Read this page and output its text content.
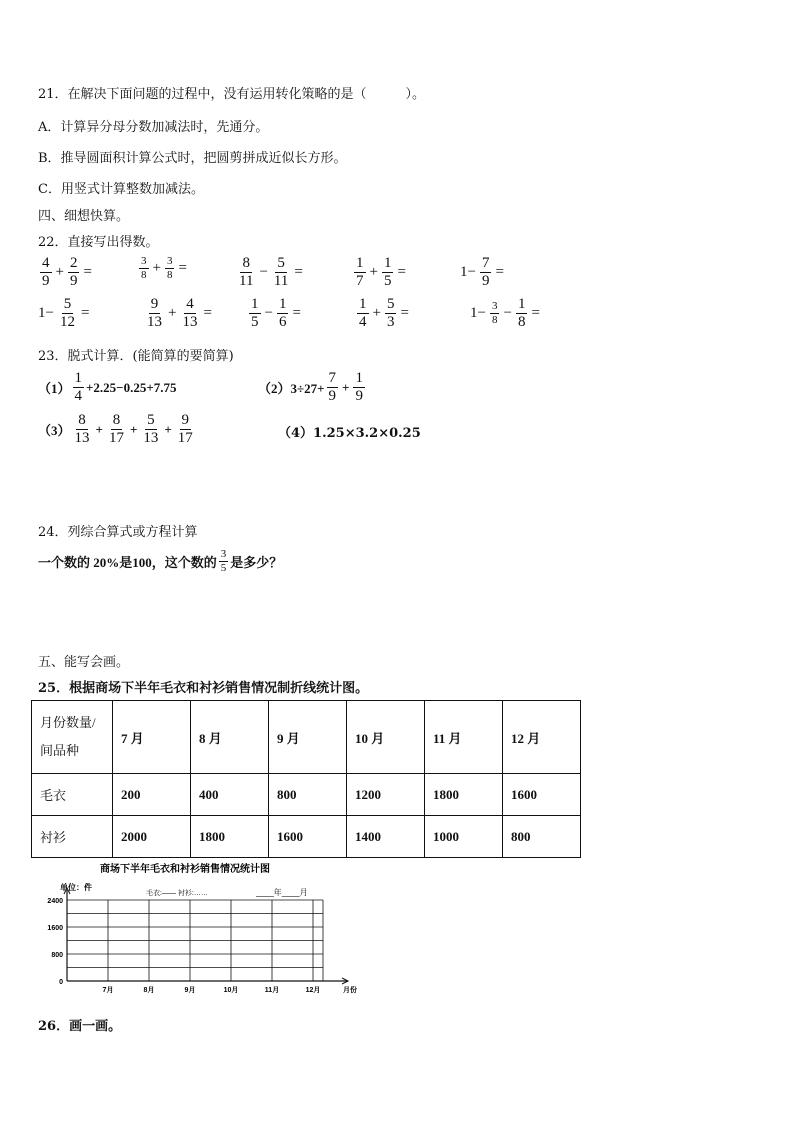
21．在解决下面问题的过程中，没有运用转化策略的是（　　　）。
A．计算异分母分数加减法时，先通分。
B．推导圆面积计算公式时，把圆剪拼成近似长方形。
C．用竖式计算整数加减法。
四、细想快算。
22．直接写出得数。
$\frac{4}{9} + \frac{2}{9}$ =	$\frac{3}{8} + \frac{3}{8}$ =	$\frac{8}{11} - \frac{5}{11}$ =	$\frac{1}{7} + \frac{1}{5}$ =	$1- \frac{7}{9}$ =
$1- \frac{5}{12}$ =	$\frac{9}{13} + \frac{4}{13} = \frac{1}{5} - \frac{1}{6}$ =	$\frac{1}{4} + \frac{5}{3}$ =	$1- \frac{3}{8} - \frac{1}{8}$ =
23．脱式计算．(能简算的要简算)
$(1) \frac{1}{4} +2.25-0.25+7.75$	$(2)3\div 27+ \frac{7}{9} + \frac{1}{9}$
$(3) \frac{8}{13} + \frac{8}{17} + \frac{5}{13} + \frac{9}{17}$	（4）1.25×3.2×0.25
24．列综合算式或方程计算
一个数的 20%是100，这个数的 $\frac{3}{5}$ 是多少？
五、能写会画。
25．根据商场下半年毛衣和衬衫销售情况制折线统计图。
月份数量/
间品种	7 月	8 月	9 月	10 月	11 月	12 月
毛衣	200	400	800	1200	1800	1600
衬衫	2000	1800	1600	1400	1000	800
商场下半年毛衣和衬衫销售情况统计图
单位：件
毛衣:—— 衬衫:……	____年____月
0
800
1600
2400
7月	8月	9月	10月	11月	12月	月份
26．画一画。
